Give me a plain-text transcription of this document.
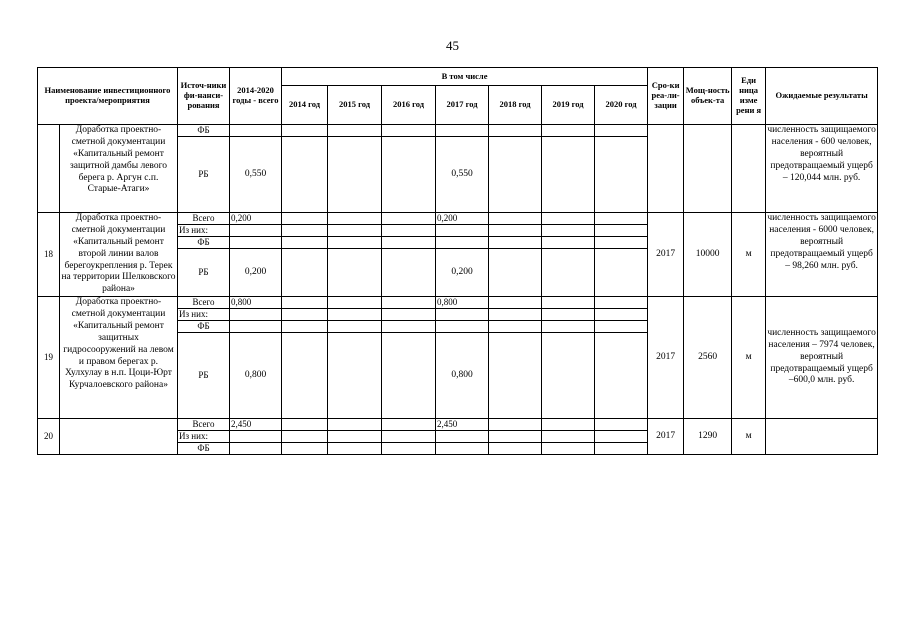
45
Наименование инвестиционного проекта/мероприятия		Источ-ники фи-нанси-рования	2014-2020 годы - всего	В том числе							Сро-ки реа-ли-зации	Мощ-ность объек-та	Еди ница изме рени я	Ожидаемые результаты
				2014 год	2015 год	2016 год	2017 год	2018 год	2019 год	2020 год				
	Доработка проектно-сметной документации «Капитальный ремонт защитной дамбы левого берега р. Аргун с.п. Старые-Атаги»	ФБ												численность защищаемого населения - 600 человек, вероятный предотвращаемый ущерб – 120,044 млн. руб.
		РБ	0,550				0,550							
18	Доработка проектно-сметной документации «Капитальный ремонт второй линии валов берегоукрепления р. Терек на территории Шелковского района»	Всего	0,200				0,200				2017	10000	м	численность защищаемого населения - 6000 человек, вероятный предотвращаемый ущерб – 98,260 млн. руб.
		Из них:												
		ФБ												
		РБ	0,200				0,200							
19	Доработка проектно-сметной документации «Капитальный ремонт защитных гидросооружений на левом и правом берегах р. Хулхулау в н.п. Цоци-Юрт Курчалоевского района»	Всего	0,800				0,800				2017	2560	м	численность защищаемого населения – 7974 человек, вероятный предотвращаемый ущерб –600,0 млн. руб.
		Из них:												
		ФБ												
		РБ	0,800				0,800							
20		Всего	2,450				2,450				2017	1290	м	
		Из них:												
		ФБ												
